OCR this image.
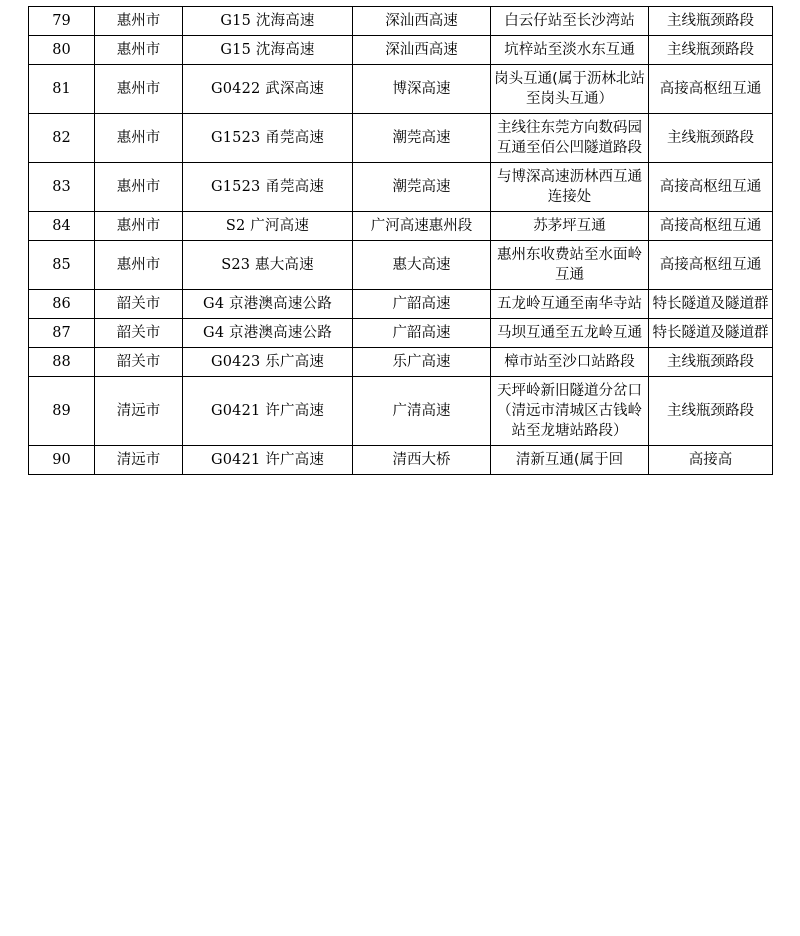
79	惠州市	G15 沈海高速	深汕西高速	白云仔站至长沙湾站	主线瓶颈路段
80	惠州市	G15 沈海高速	深汕西高速	坑梓站至淡水东互通	主线瓶颈路段
81	惠州市	G0422 武深高速	博深高速	岗头互通(属于沥林北站至岗头互通）	高接高枢纽互通
82	惠州市	G1523 甬莞高速	潮莞高速	主线往东莞方向数码园互通至佰公凹隧道路段	主线瓶颈路段
83	惠州市	G1523 甬莞高速	潮莞高速	与博深高速沥林西互通连接处	高接高枢纽互通
84	惠州市	S2 广河高速	广河高速惠州段	苏茅坪互通	高接高枢纽互通
85	惠州市	S23 惠大高速	惠大高速	惠州东收费站至水面岭互通	高接高枢纽互通
86	韶关市	G4 京港澳高速公路	广韶高速	五龙岭互通至南华寺站	特长隧道及隧道群
87	韶关市	G4 京港澳高速公路	广韶高速	马坝互通至五龙岭互通	特长隧道及隧道群
88	韶关市	G0423 乐广高速	乐广高速	樟市站至沙口站路段	主线瓶颈路段
89	清远市	G0421 许广高速	广清高速	天坪岭新旧隧道分岔口（清远市清城区古钱岭站至龙塘站路段）	主线瓶颈路段
90	清远市	G0421 许广高速	清西大桥	清新互通(属于回	高接高
